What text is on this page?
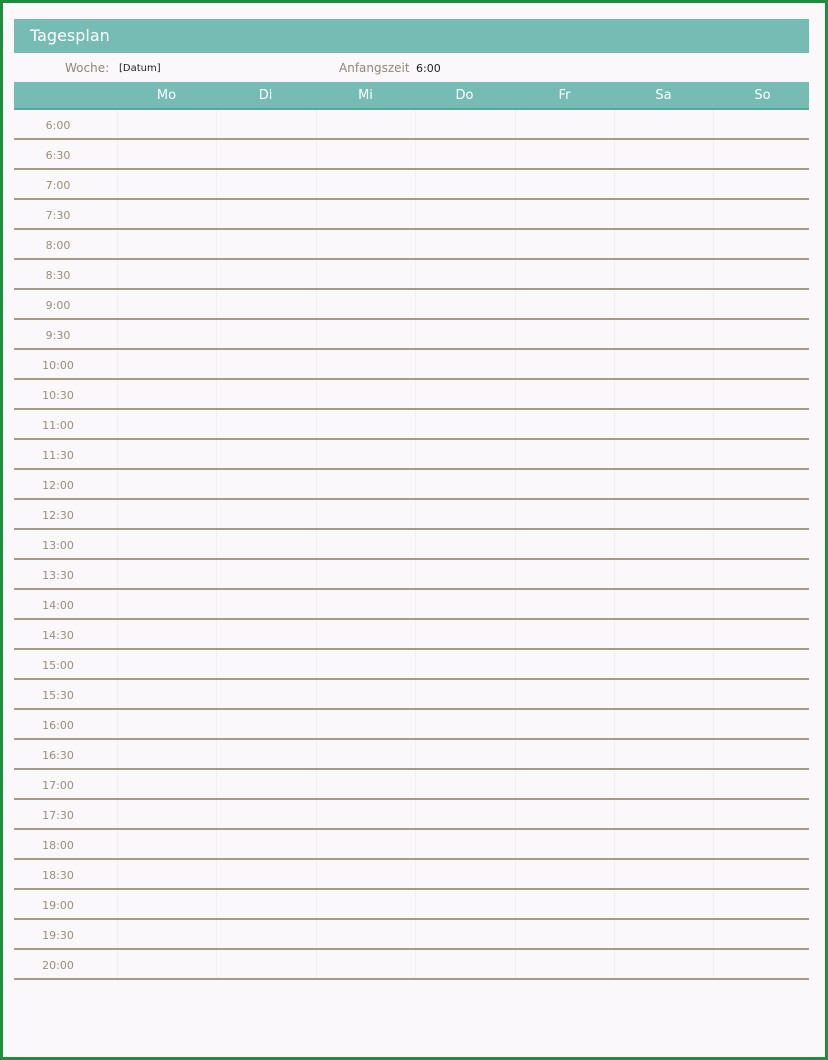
Tagesplan
Woche: [Datum]	Anfangszeit 6:00
Mo	Di	Mi	Do	Fr	Sa	So
6:00
6:30
7:00
7:30
8:00
8:30
9:00
9:30
10:00
10:30
11:00
11:30
12:00
12:30
13:00
13:30
14:00
14:30
15:00
15:30
16:00
16:30
17:00
17:30
18:00
18:30
19:00
19:30
20:00
